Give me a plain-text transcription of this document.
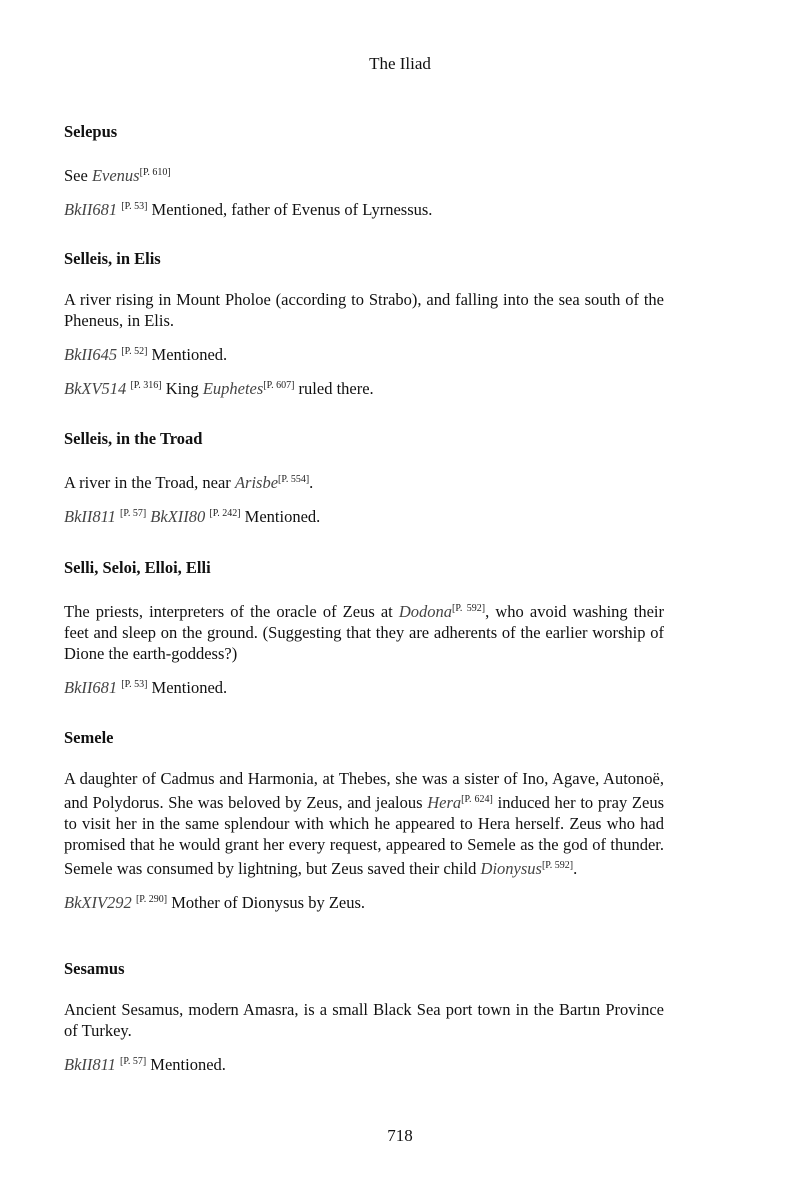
The Iliad
Selepus

See Evenus[P. 610]

BkII681 [P. 53] Mentioned, father of Evenus of Lyrnessus.

Selleis, in Elis

A river rising in Mount Pholoe (according to Strabo), and falling into the sea south of the Pheneus, in Elis.

BkII645 [P. 52] Mentioned.

BkXV514 [P. 316] King Euphetes[P. 607] ruled there.

Selleis, in the Troad

A river in the Troad, near Arisbe[P. 554].

BkII811 [P. 57] BkXII80 [P. 242] Mentioned.

Selli, Seloi, Elloi, Elli

The priests, interpreters of the oracle of Zeus at Dodona[P. 592], who avoid washing their feet and sleep on the ground. (Suggesting that they are adherents of the earlier worship of Dione the earth-goddess?)

BkII681 [P. 53] Mentioned.

Semele

A daughter of Cadmus and Harmonia, at Thebes, she was a sister of Ino, Agave, Autonoë, and Polydorus. She was beloved by Zeus, and jealous Hera[P. 624] induced her to pray Zeus to visit her in the same splendour with which he appeared to Hera herself. Zeus who had promised that he would grant her every request, appeared to Semele as the god of thunder. Semele was consumed by lightning, but Zeus saved their child Dionysus[P. 592].

BkXIV292 [P. 290] Mother of Dionysus by Zeus.

Sesamus

Ancient Sesamus, modern Amasra, is a small Black Sea port town in the Bartın Province of Turkey.

BkII811 [P. 57] Mentioned.

718
